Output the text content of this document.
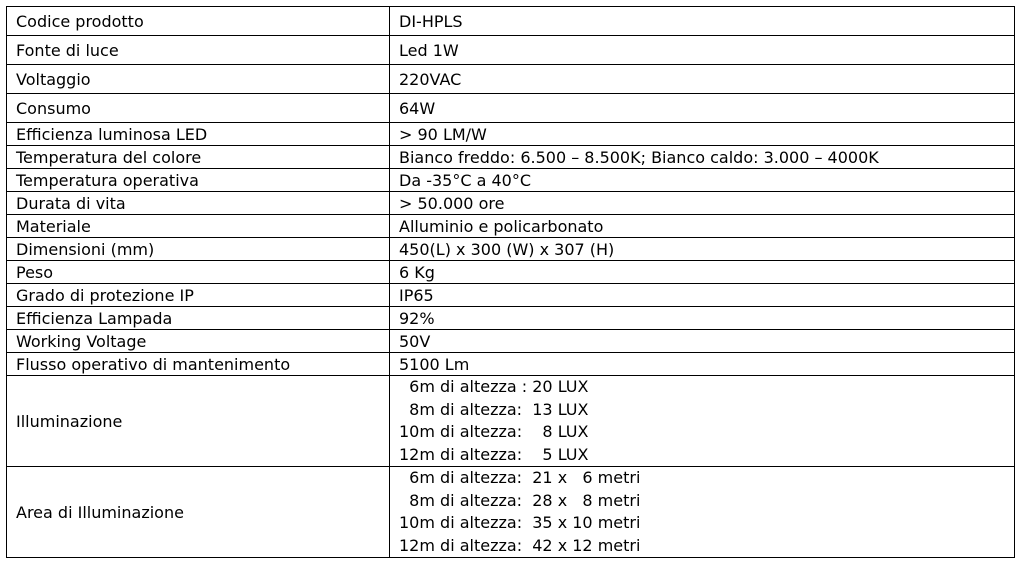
Codice prodotto	DI-HPLS
Fonte di luce	Led 1W
Voltaggio	220VAC
Consumo	64W
Efficienza luminosa LED	> 90 LM/W
Temperatura del colore	Bianco freddo: 6.500 – 8.500K; Bianco caldo: 3.000 – 4000K
Temperatura operativa	Da -35°C a 40°C
Durata di vita	> 50.000 ore
Materiale	Alluminio e policarbonato
Dimensioni (mm)	450(L) x 300 (W) x 307 (H)
Peso	6 Kg
Grado di protezione IP	IP65
Efficienza Lampada	92%
Working Voltage	50V
Flusso operativo di mantenimento	5100 Lm
Illuminazione	6m di altezza : 20 LUX
8m di altezza:  13 LUX
10m di altezza:    8 LUX
12m di altezza:    5 LUX

Area di Illuminazione	6m di altezza:  21 x   6 metri
8m di altezza:  28 x   8 metri
10m di altezza:  35 x 10 metri
12m di altezza:  42 x 12 metri
